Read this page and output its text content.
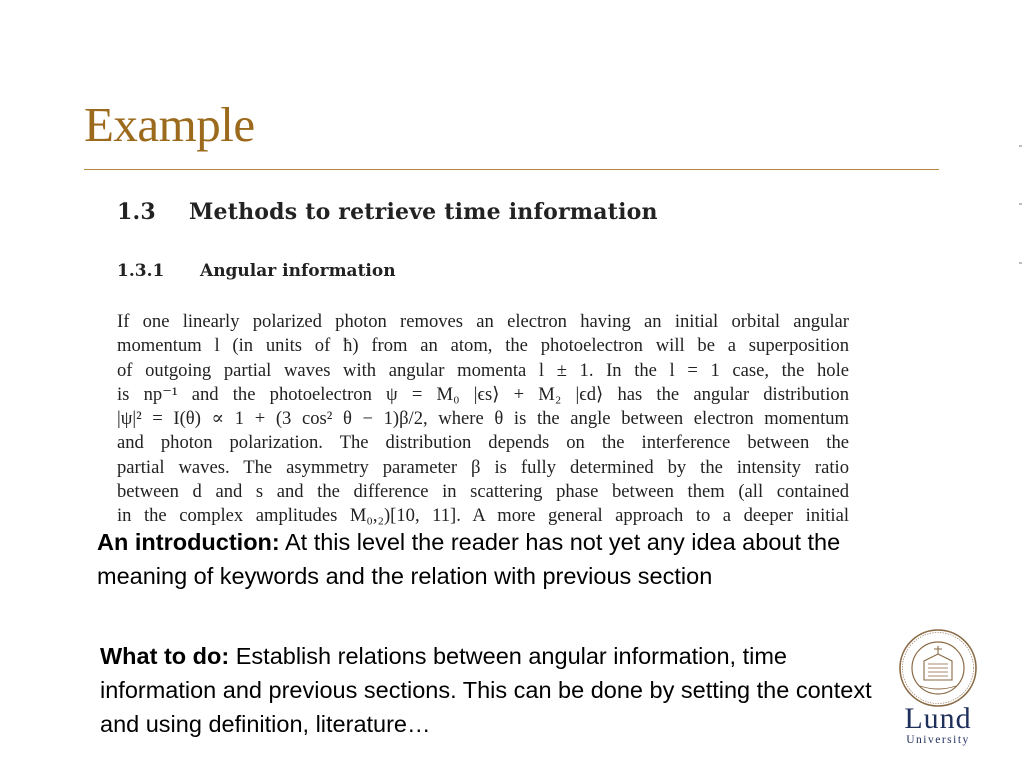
Example
1.3 Methods to retrieve time information
1.3.1 Angular information
If one linearly polarized photon removes an electron having an initial orbital angular
momentum l (in units of ħ) from an atom, the photoelectron will be a superposition
of outgoing partial waves with angular momenta l ± 1. In the l = 1 case, the hole
is np⁻¹ and the photoelectron ψ = M₀ |ϵs⟩ + M₂ |ϵd⟩ has the angular distribution
|ψ|² = I(θ) ∝ 1 + (3 cos² θ − 1)β/2, where θ is the angle between electron momentum
and photon polarization. The distribution depends on the interference between the
partial waves. The asymmetry parameter β is fully determined by the intensity ratio
between d and s and the difference in scattering phase between them (all contained
in the complex amplitudes M₀,₂)[10, 11]. A more general approach to a deeper initial
An introduction: At this level the reader has not yet any idea about the meaning of keywords and the relation with previous section
What to do: Establish relations between angular information, time information and previous sections. This can be done by setting the context and using definition, literature…	Lund
University
